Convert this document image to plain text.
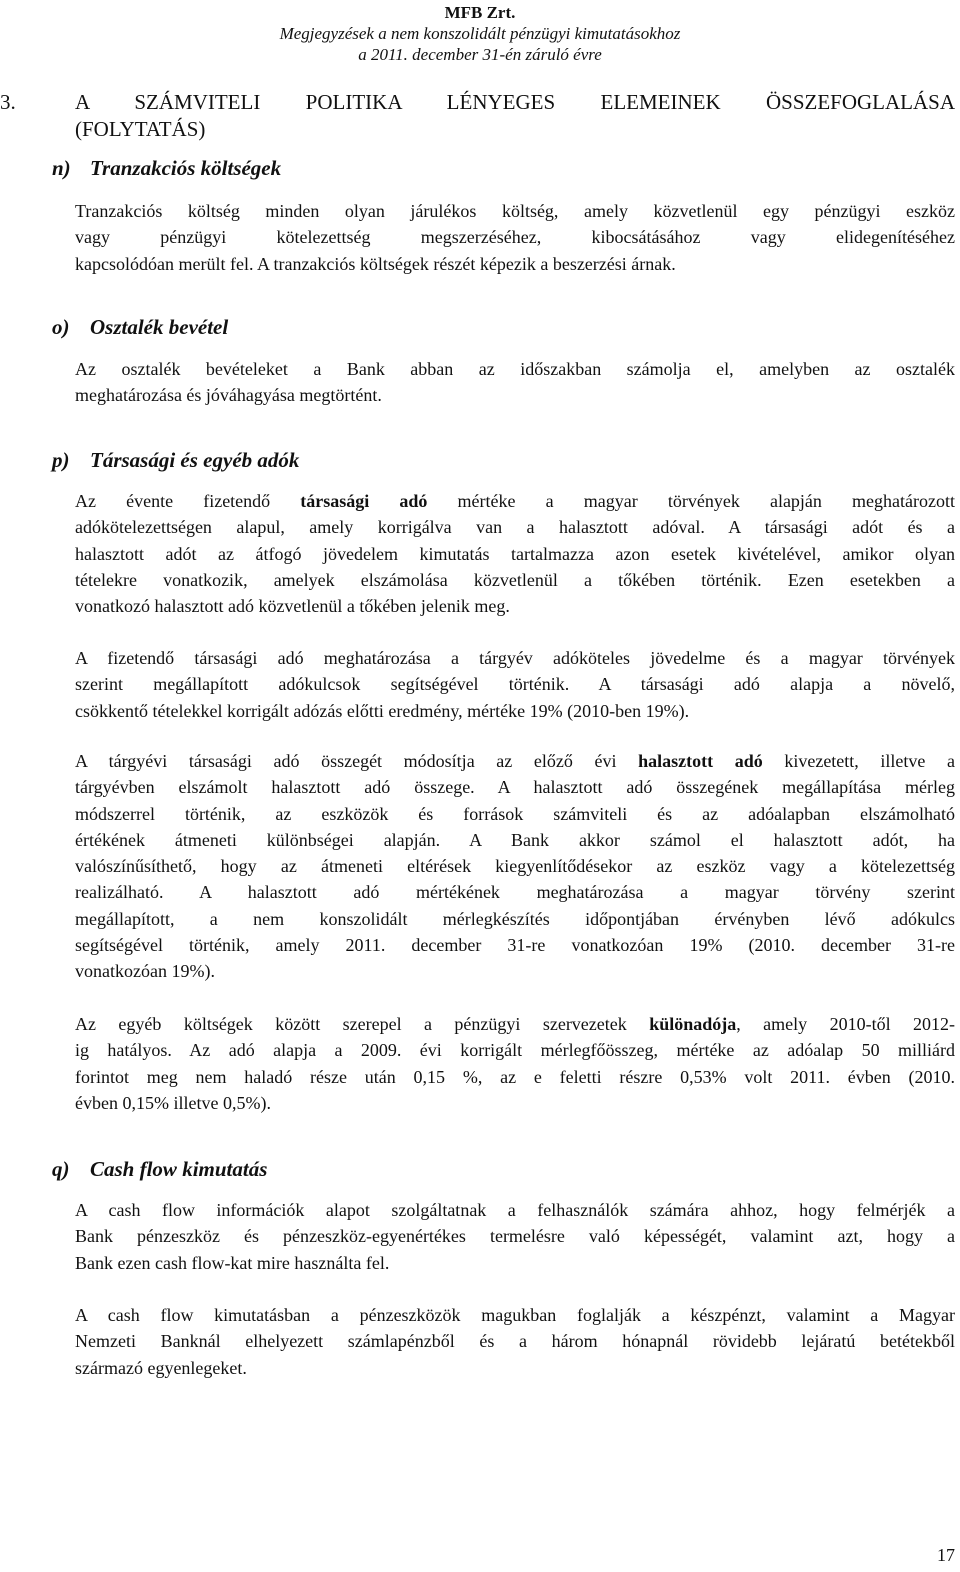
MFB Zrt.
Megjegyzések a nem konszolidált pénzügyi kimutatásokhoz
a 2011. december 31-én záruló évre
3.	A SZÁMVITELI POLITIKA LÉNYEGES ELEMEINEK ÖSSZEFOGLALÁSA
(FOLYTATÁS)
n) Tranzakciós költségek
Tranzakciós költség minden olyan járulékos költség, amely közvetlenül egy pénzügyi eszköz
vagy pénzügyi kötelezettség megszerzéséhez, kibocsátásához vagy elidegenítéséhez
kapcsolódóan merült fel. A tranzakciós költségek részét képezik a beszerzési árnak.
o) Osztalék bevétel
Az osztalék bevételeket a Bank abban az időszakban számolja el, amelyben az osztalék
meghatározása és jóváhagyása megtörtént.
p) Társasági és egyéb adók
Az évente fizetendő társasági adó mértéke a magyar törvények alapján meghatározott
adókötelezettségen alapul, amely korrigálva van a halasztott adóval. A társasági adót és a
halasztott adót az átfogó jövedelem kimutatás tartalmazza azon esetek kivételével, amikor olyan
tételekre vonatkozik, amelyek elszámolása közvetlenül a tőkében történik. Ezen esetekben a
vonatkozó halasztott adó közvetlenül a tőkében jelenik meg.
A fizetendő társasági adó meghatározása a tárgyév adóköteles jövedelme és a magyar törvények
szerint megállapított adókulcsok segítségével történik. A társasági adó alapja a növelő,
csökkentő tételekkel korrigált adózás előtti eredmény, mértéke 19% (2010-ben 19%).
A tárgyévi társasági adó összegét módosítja az előző évi halasztott adó kivezetett, illetve a
tárgyévben elszámolt halasztott adó összege. A halasztott adó összegének megállapítása mérleg
módszerrel történik, az eszközök és források számviteli és az adóalapban elszámolható
értékének átmeneti különbségei alapján. A Bank akkor számol el halasztott adót, ha
valószínűsíthető, hogy az átmeneti eltérések kiegyenlítődésekor az eszköz vagy a kötelezettség
realizálható. A halasztott adó mértékének meghatározása a magyar törvény szerint
megállapított, a nem konszolidált mérlegkészítés időpontjában érvényben lévő adókulcs
segítségével történik, amely 2011. december 31-re vonatkozóan 19% (2010. december 31-re
vonatkozóan 19%).
Az egyéb költségek között szerepel a pénzügyi szervezetek különadója, amely 2010-től 2012-
ig hatályos. Az adó alapja a 2009. évi korrigált mérlegfőösszeg, mértéke az adóalap 50 milliárd
forintot meg nem haladó része után 0,15 %, az e feletti részre 0,53% volt 2011. évben (2010.
évben 0,15% illetve 0,5%).
q) Cash flow kimutatás
A cash flow információk alapot szolgáltatnak a felhasználók számára ahhoz, hogy felmérjék a
Bank pénzeszköz és pénzeszköz-egyenértékes termelésre való képességét, valamint azt, hogy a
Bank ezen cash flow-kat mire használta fel.
A cash flow kimutatásban a pénzeszközök magukban foglalják a készpénzt, valamint a Magyar
Nemzeti Banknál elhelyezett számlapénzből és a három hónapnál rövidebb lejáratú betétekből
származó egyenlegeket.
17
